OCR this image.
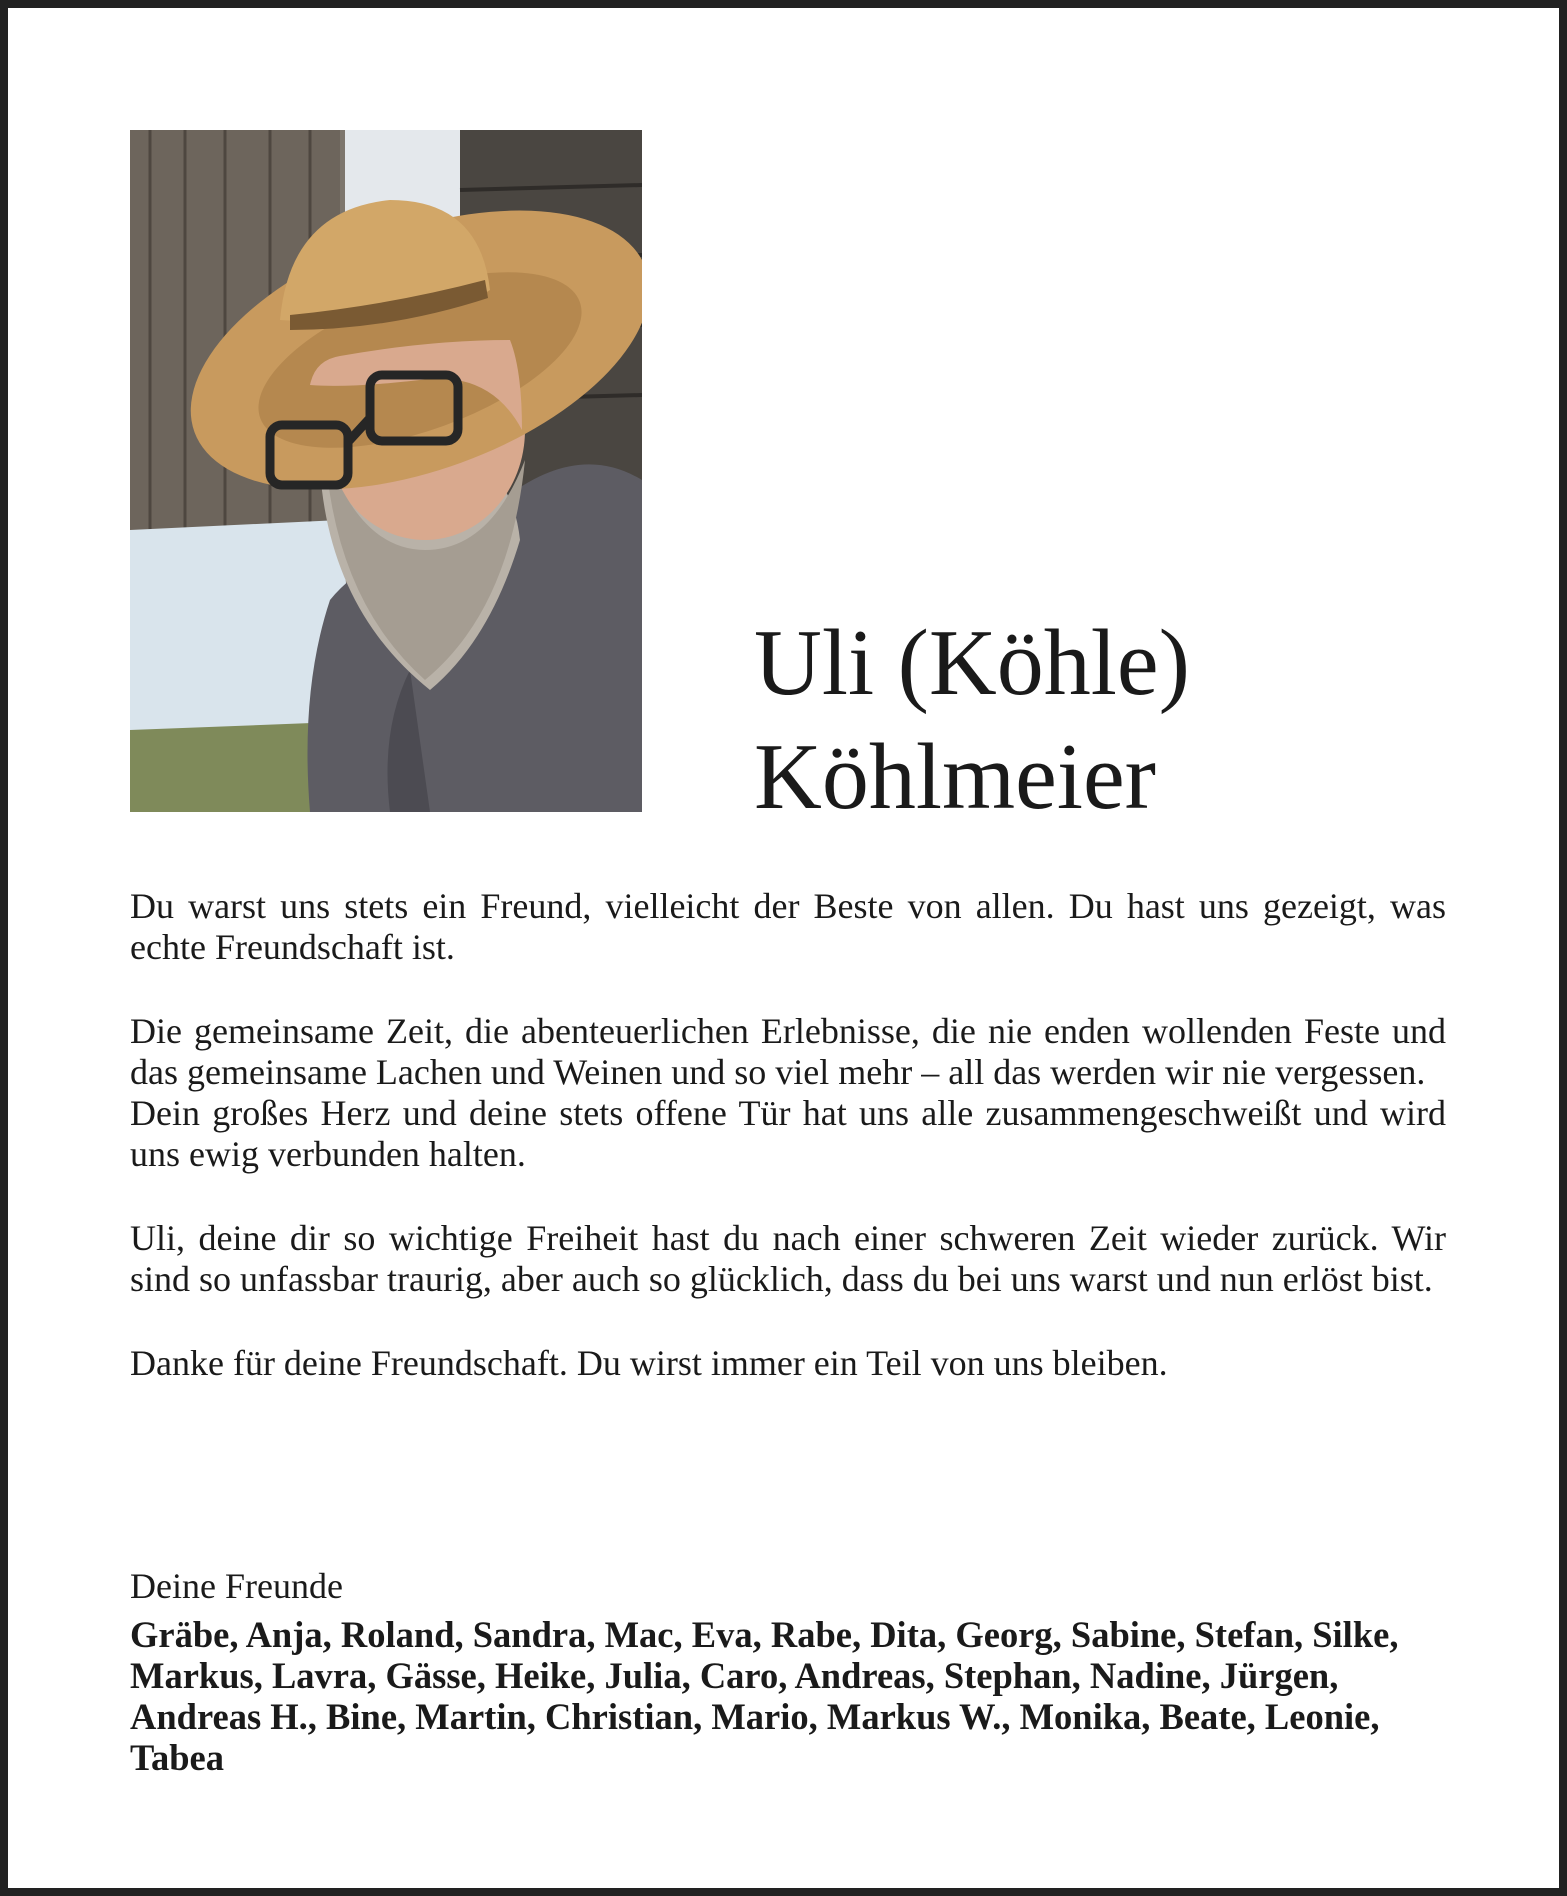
Uli (Köhle)
Köhlmeier

Du warst uns stets ein Freund, vielleicht der Beste von allen. Du hast uns gezeigt, was echte Freundschaft ist.

Die gemeinsame Zeit, die abenteuerlichen Erlebnisse, die nie enden wollenden Feste und das gemeinsame Lachen und Weinen und so viel mehr – all das werden wir nie vergessen.

Dein großes Herz und deine stets offene Tür hat uns alle zusammengeschweißt und wird uns ewig verbunden halten.

Uli, deine dir so wichtige Freiheit hast du nach einer schweren Zeit wieder zurück. Wir sind so unfassbar traurig, aber auch so glücklich, dass du bei uns warst und nun erlöst bist.

Danke für deine Freundschaft. Du wirst immer ein Teil von uns bleiben.

Deine Freunde
Gräbe, Anja, Roland, Sandra, Mac, Eva, Rabe, Dita, Georg, Sabine, Stefan, Silke, Markus, Lavra, Gässe, Heike, Julia, Caro, Andreas, Stephan, Nadine, Jürgen, Andreas H., Bine, Martin, Christian, Mario, Markus W., Monika, Beate, Leonie, Tabea
